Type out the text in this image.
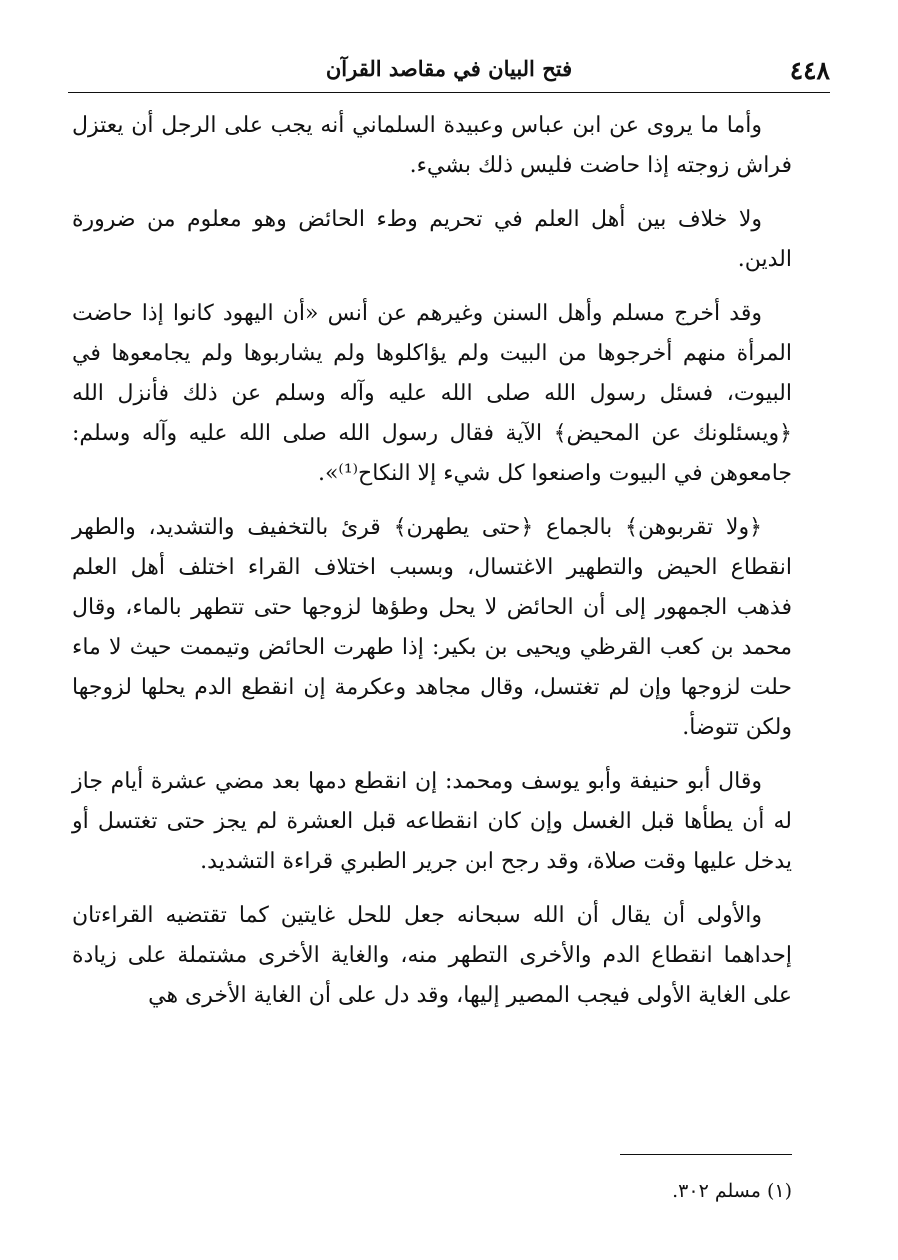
٤٤٨
فتح البيان في مقاصد القرآن

وأما ما يروى عن ابن عباس وعبيدة السلماني أنه يجب على الرجل أن يعتزل فراش زوجته إذا حاضت فليس ذلك بشيء.

ولا خلاف بين أهل العلم في تحريم وطء الحائض وهو معلوم من ضرورة الدين.

وقد أخرج مسلم وأهل السنن وغيرهم عن أنس «أن اليهود كانوا إذا حاضت المرأة منهم أخرجوها من البيت ولم يؤاكلوها ولم يشاربوها ولم يجامعوها في البيوت، فسئل رسول الله صلى الله عليه وآله وسلم عن ذلك فأنزل الله ﴿ويسئلونك عن المحيض﴾ الآية فقال رسول الله صلى الله عليه وآله وسلم: جامعوهن في البيوت واصنعوا كل شيء إلا النكاح⁽¹⁾».

﴿ولا تقربوهن﴾ بالجماع ﴿حتى يطهرن﴾ قرئ بالتخفيف والتشديد، والطهر انقطاع الحيض والتطهير الاغتسال، وبسبب اختلاف القراء اختلف أهل العلم فذهب الجمهور إلى أن الحائض لا يحل وطؤها لزوجها حتى تتطهر بالماء، وقال محمد بن كعب القرظي ويحيى بن بكير: إذا طهرت الحائض وتيممت حيث لا ماء حلت لزوجها وإن لم تغتسل، وقال مجاهد وعكرمة إن انقطع الدم يحلها لزوجها ولكن تتوضأ.

وقال أبو حنيفة وأبو يوسف ومحمد: إن انقطع دمها بعد مضي عشرة أيام جاز له أن يطأها قبل الغسل وإن كان انقطاعه قبل العشرة لم يجز حتى تغتسل أو يدخل عليها وقت صلاة، وقد رجح ابن جرير الطبري قراءة التشديد.

والأولى أن يقال أن الله سبحانه جعل للحل غايتين كما تقتضيه القراءتان إحداهما انقطاع الدم والأخرى التطهر منه، والغاية الأخرى مشتملة على زيادة على الغاية الأولى فيجب المصير إليها، وقد دل على أن الغاية الأخرى هي

(١) مسلم ٣٠٢.
